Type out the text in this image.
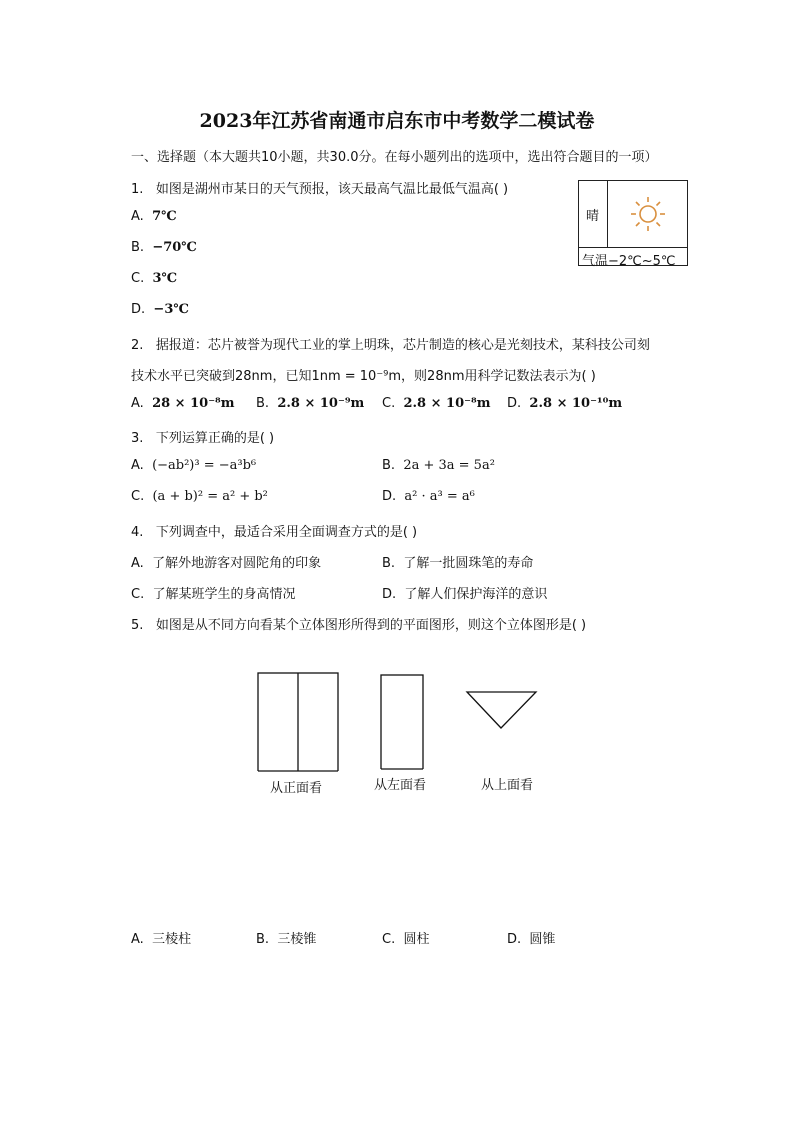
2023年江苏省南通市启东市中考数学二模试卷
一、选择题（本大题共10小题，共30.0分。在每小题列出的选项中，选出符合题目的一项）
1. 如图是湖州市某日的天气预报，该天最高气温比最低气温高( )
晴
气温−2℃~5℃
A. 7℃
B. −70℃
C. 3℃
D. −3℃
2. 据报道：芯片被誉为现代工业的掌上明珠，芯片制造的核心是光刻技术，某科技公司刻
技术水平已突破到28nm，已知1nm = 10⁻⁹m，则28nm用科学记数法表示为( )
A. 28 × 10⁻⁸m B. 2.8 × 10⁻⁹m C. 2.8 × 10⁻⁸m D. 2.8 × 10⁻¹⁰m
3. 下列运算正确的是( )
A. (−ab²)³ = −a³b⁶	B. 2a + 3a = 5a²
C. (a + b)² = a² + b²	D. a² · a³ = a⁶
4. 下列调查中，最适合采用全面调查方式的是( )
A. 了解外地游客对圆陀角的印象	B. 了解一批圆珠笔的寿命
C. 了解某班学生的身高情况	D. 了解人们保护海洋的意识
5. 如图是从不同方向看某个立体图形所得到的平面图形，则这个立体图形是( )
从正面看	从左面看	从上面看
A. 三棱柱	B. 三棱锥	C. 圆柱	D. 圆锥
